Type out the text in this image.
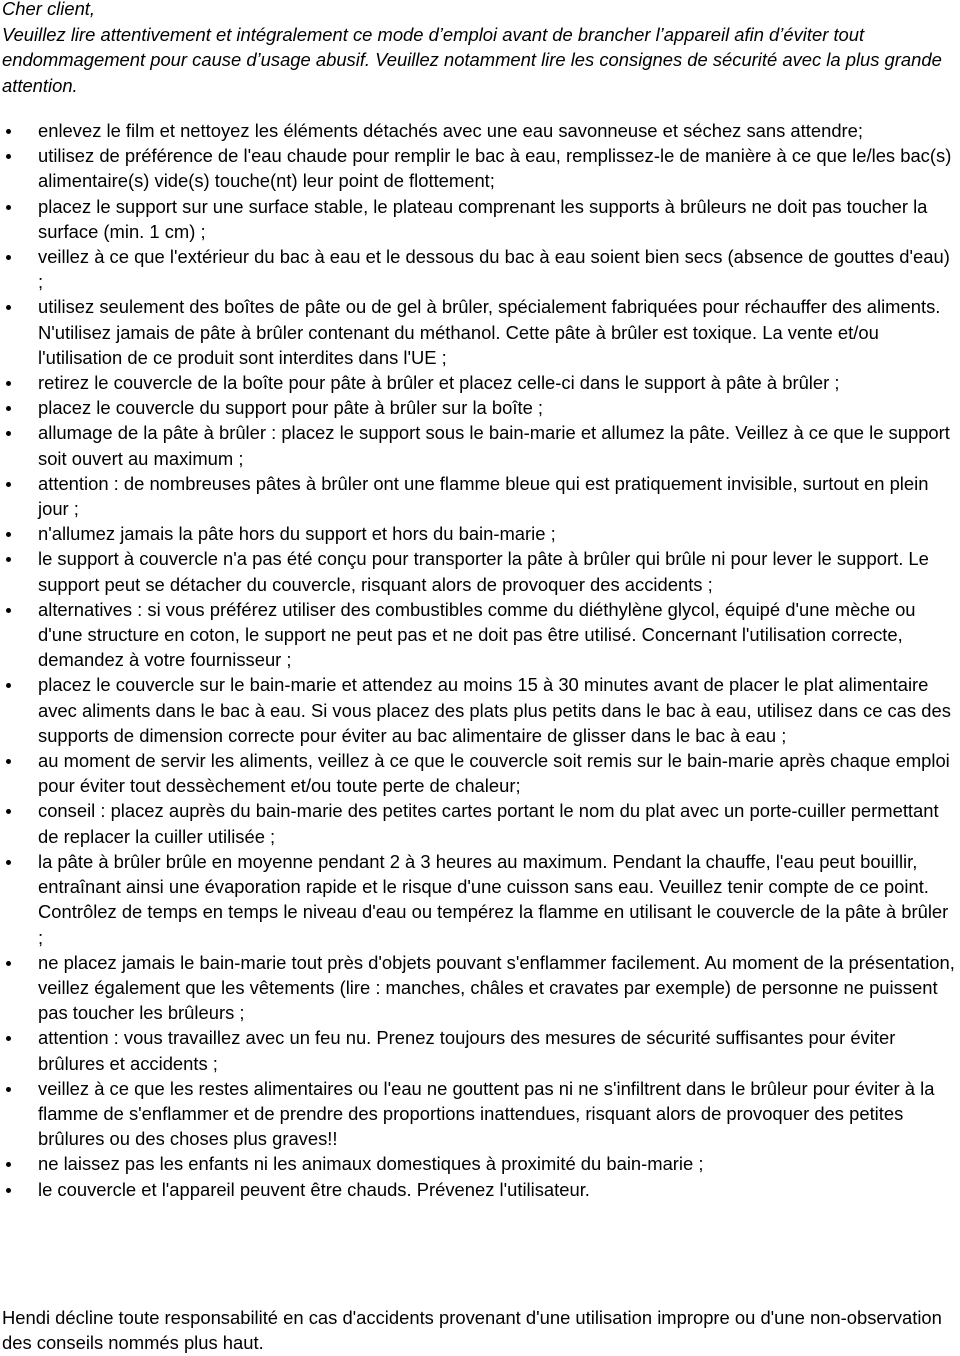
Cher client,

Veuillez lire attentivement et intégralement ce mode d’emploi avant de brancher l’appareil afin d’éviter tout endommagement pour cause d’usage abusif. Veuillez notamment lire les consignes de sécurité avec la plus grande attention.

enlevez le film et nettoyez les éléments détachés avec une eau savonneuse et séchez sans attendre;
utilisez de préférence de l'eau chaude pour remplir le bac à eau, remplissez-le de manière à ce que le/les bac(s) alimentaire(s) vide(s) touche(nt) leur point de flottement;
placez le support sur une surface stable, le plateau comprenant les supports à brûleurs ne doit pas toucher la surface (min. 1 cm) ;
veillez à ce que l'extérieur du bac à eau et le dessous du bac à eau soient bien secs (absence de gouttes d'eau) ;
utilisez seulement des boîtes de pâte ou de gel à brûler, spécialement fabriquées pour réchauffer des aliments. N'utilisez jamais de pâte à brûler contenant du méthanol. Cette pâte à brûler est toxique. La vente et/ou l'utilisation de ce produit sont interdites dans l'UE ;
retirez le couvercle de la boîte pour pâte à brûler et placez celle-ci dans le support à pâte à brûler ;
placez le couvercle du support pour pâte à brûler sur la boîte ;
allumage de la pâte à brûler : placez le support sous le bain-marie et allumez la pâte. Veillez à ce que le support soit ouvert au maximum ;
attention : de nombreuses pâtes à brûler ont une flamme bleue qui est pratiquement invisible, surtout en plein jour ;
n'allumez jamais la pâte hors du support et hors du bain-marie ;
le support à couvercle n'a pas été conçu pour transporter la pâte à brûler qui brûle ni pour lever le support. Le support peut se détacher du couvercle, risquant alors de provoquer des accidents ;
alternatives : si vous préférez utiliser des combustibles comme du diéthylène glycol, équipé d'une mèche ou d'une structure en coton, le support ne peut pas et ne doit pas être utilisé. Concernant l'utilisation correcte, demandez à votre fournisseur ;
placez le couvercle sur le bain-marie et attendez au moins 15 à 30 minutes avant de placer le plat alimentaire avec aliments dans le bac à eau. Si vous placez des plats plus petits dans le bac à eau, utilisez dans ce cas des supports de dimension correcte pour éviter au bac alimentaire de glisser dans le bac à eau ;
au moment de servir les aliments, veillez à ce que le couvercle soit remis sur le bain-marie après chaque emploi pour éviter tout dessèchement et/ou toute perte de chaleur;
conseil : placez auprès du bain-marie des petites cartes portant le nom du plat avec un porte-cuiller permettant de replacer la cuiller utilisée ;
la pâte à brûler brûle en moyenne pendant 2 à 3 heures au maximum. Pendant la chauffe, l'eau peut bouillir, entraînant ainsi une évaporation rapide et le risque d'une cuisson sans eau. Veuillez tenir compte de ce point. Contrôlez de temps en temps le niveau d'eau ou tempérez la flamme en utilisant le couvercle de la pâte à brûler ;
ne placez jamais le bain-marie tout près d'objets pouvant s'enflammer facilement. Au moment de la présentation, veillez également que les vêtements (lire : manches, châles et cravates par exemple) de personne ne puissent pas toucher les brûleurs ;
attention : vous travaillez avec un feu nu. Prenez toujours des mesures de sécurité suffisantes pour éviter brûlures et accidents ;
veillez à ce que les restes alimentaires ou l'eau ne gouttent pas ni ne s'infiltrent dans le brûleur pour éviter à la flamme de s'enflammer et de prendre des proportions inattendues, risquant alors de provoquer des petites brûlures ou des choses plus graves!!
ne laissez pas les enfants ni les animaux domestiques à proximité du bain-marie ;
le couvercle et l'appareil peuvent être chauds. Prévenez l'utilisateur.
Hendi décline toute responsabilité en cas d'accidents provenant d'une utilisation impropre ou d'une non-observation des conseils nommés plus haut.
